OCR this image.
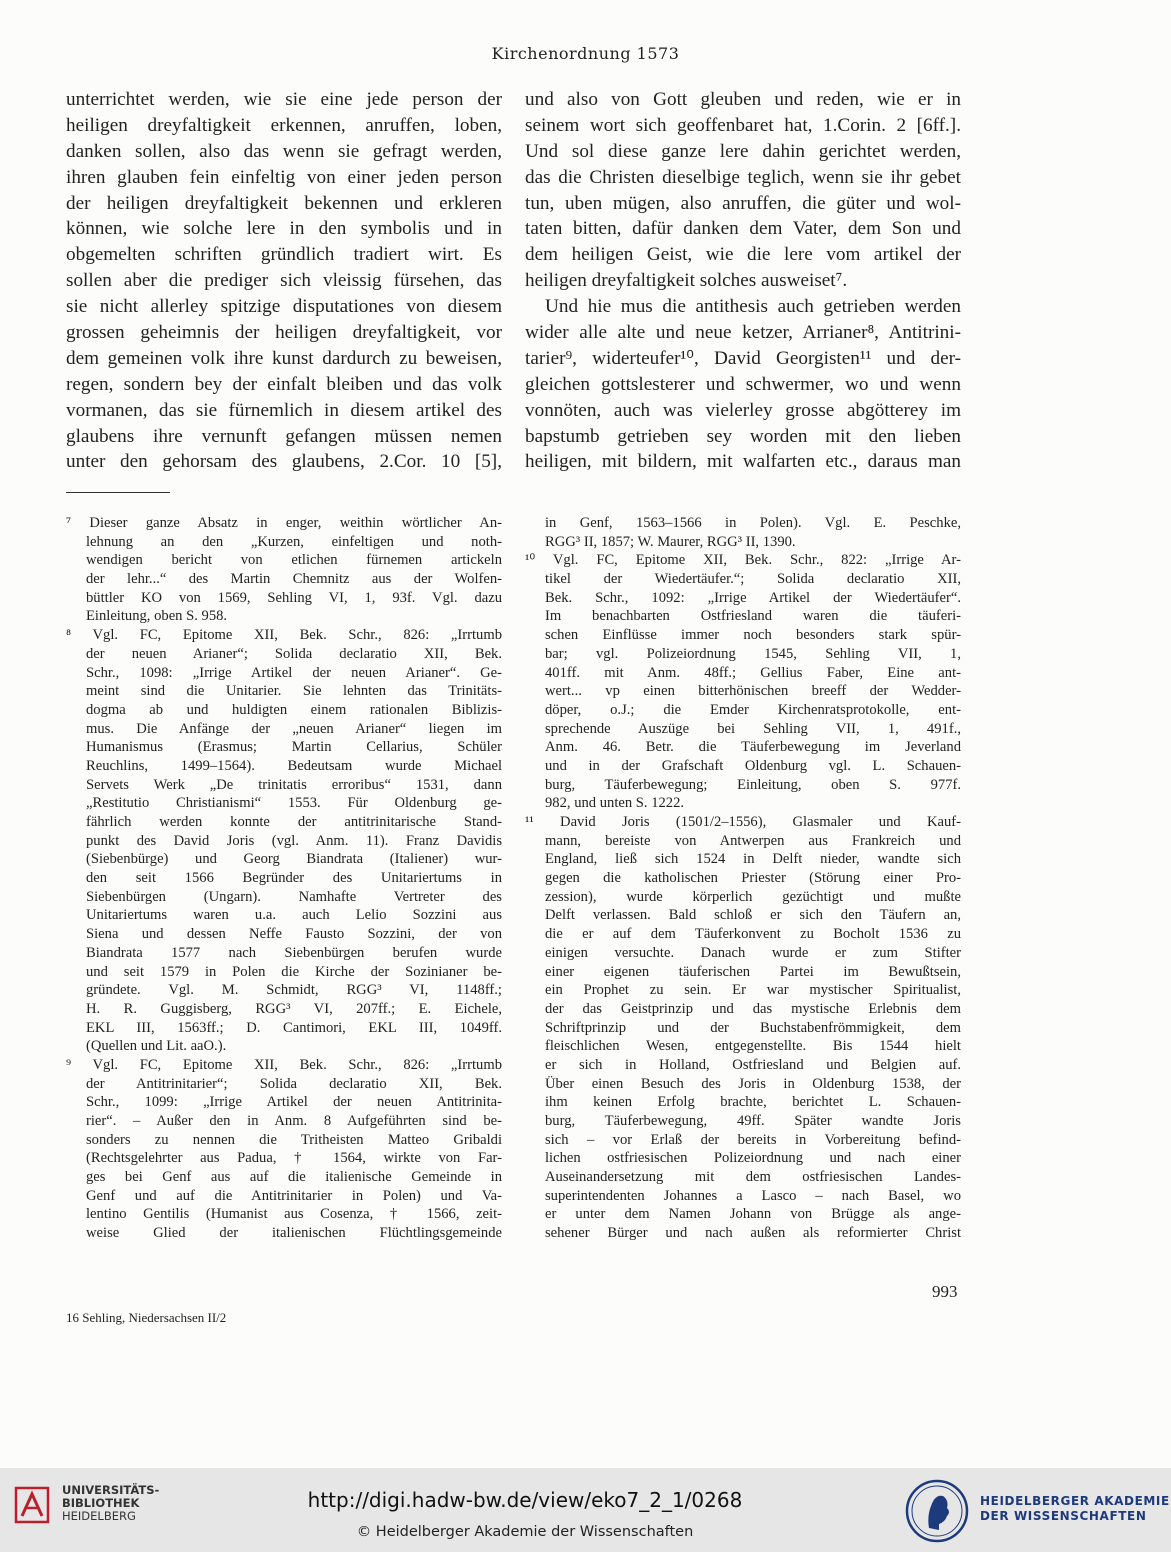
Kirchenordnung 1573
unterrichtet werden, wie sie eine jede person der
heiligen dreyfaltigkeit erkennen, anruffen, loben,
danken sollen, also das wenn sie gefragt werden,
ihren glauben fein einfeltig von einer jeden person
der heiligen dreyfaltigkeit bekennen und erkleren
können, wie solche lere in den symbolis und in
obgemelten schriften gründlich tradiert wirt. Es
sollen aber die prediger sich vleissig fürsehen, das
sie nicht allerley spitzige disputationes von diesem
grossen geheimnis der heiligen dreyfaltigkeit, vor
dem gemeinen volk ihre kunst dardurch zu beweisen,
regen, sondern bey der einfalt bleiben und das volk
vormanen, das sie fürnemlich in diesem artikel des
glaubens ihre vernunft gefangen müssen nemen
unter den gehorsam des glaubens, 2.Cor. 10 [5],
und also von Gott gleuben und reden, wie er in
seinem wort sich geoffenbaret hat, 1.Corin. 2 [6ff.].
Und sol diese ganze lere dahin gerichtet werden,
das die Christen dieselbige teglich, wenn sie ihr gebet
tun, uben mügen, also anruffen, die güter und wol-
taten bitten, dafür danken dem Vater, dem Son und
dem heiligen Geist, wie die lere vom artikel der
heiligen dreyfaltigkeit solches ausweiset⁷.
Und hie mus die antithesis auch getrieben werden
wider alle alte und neue ketzer, Arrianer⁸, Antitrini-
tarier⁹, widerteufer¹⁰, David Georgisten¹¹ und der-
gleichen gottslesterer und schwermer, wo und wenn
vonnöten, auch was vielerley grosse abgötterey im
bapstumb getrieben sey worden mit den lieben
heiligen, mit bildern, mit walfarten etc., daraus man
⁷ Dieser ganze Absatz in enger, weithin wörtlicher An-
lehnung an den „Kurzen, einfeltigen und noth-
wendigen bericht von etlichen fürnemen artickeln
der lehr...“ des Martin Chemnitz aus der Wolfen-
büttler KO von 1569, Sehling VI, 1, 93f. Vgl. dazu
Einleitung, oben S. 958.
⁸ Vgl. FC, Epitome XII, Bek. Schr., 826: „Irrtumb
der neuen Arianer“; Solida declaratio XII, Bek.
Schr., 1098: „Irrige Artikel der neuen Arianer“. Ge-
meint sind die Unitarier. Sie lehnten das Trinitäts-
dogma ab und huldigten einem rationalen Biblizis-
mus. Die Anfänge der „neuen Arianer“ liegen im
Humanismus (Erasmus; Martin Cellarius, Schüler
Reuchlins, 1499–1564). Bedeutsam wurde Michael
Servets Werk „De trinitatis erroribus“ 1531, dann
„Restitutio Christianismi“ 1553. Für Oldenburg ge-
fährlich werden konnte der antitrinitarische Stand-
punkt des David Joris (vgl. Anm. 11). Franz Davidis
(Siebenbürge) und Georg Biandrata (Italiener) wur-
den seit 1566 Begründer des Unitariertums in
Siebenbürgen (Ungarn). Namhafte Vertreter des
Unitariertums waren u.a. auch Lelio Sozzini aus
Siena und dessen Neffe Fausto Sozzini, der von
Biandrata 1577 nach Siebenbürgen berufen wurde
und seit 1579 in Polen die Kirche der Sozinianer be-
gründete. Vgl. M. Schmidt, RGG³ VI, 1148ff.;
H. R. Guggisberg, RGG³ VI, 207ff.; E. Eichele,
EKL III, 1563ff.; D. Cantimori, EKL III, 1049ff.
(Quellen und Lit. aaO.).
⁹ Vgl. FC, Epitome XII, Bek. Schr., 826: „Irrtumb
der Antitrinitarier“; Solida declaratio XII, Bek.
Schr., 1099: „Irrige Artikel der neuen Antitrinita-
rier“. – Außer den in Anm. 8 Aufgeführten sind be-
sonders zu nennen die Tritheisten Matteo Gribaldi
(Rechtsgelehrter aus Padua, † 1564, wirkte von Far-
ges bei Genf aus auf die italienische Gemeinde in
Genf und auf die Antitrinitarier in Polen) und Va-
lentino Gentilis (Humanist aus Cosenza, † 1566, zeit-
weise Glied der italienischen Flüchtlingsgemeinde
in Genf, 1563–1566 in Polen). Vgl. E. Peschke,
RGG³ II, 1857; W. Maurer, RGG³ II, 1390.
¹⁰ Vgl. FC, Epitome XII, Bek. Schr., 822: „Irrige Ar-
tikel der Wiedertäufer.“; Solida declaratio XII,
Bek. Schr., 1092: „Irrige Artikel der Wiedertäufer“.
Im benachbarten Ostfriesland waren die täuferi-
schen Einflüsse immer noch besonders stark spür-
bar; vgl. Polizeiordnung 1545, Sehling VII, 1,
401ff. mit Anm. 48ff.; Gellius Faber, Eine ant-
wert... vp einen bitterhönischen breeff der Wedder-
döper, o.J.; die Emder Kirchenratsprotokolle, ent-
sprechende Auszüge bei Sehling VII, 1, 491f.,
Anm. 46. Betr. die Täuferbewegung im Jeverland
und in der Grafschaft Oldenburg vgl. L. Schauen-
burg, Täuferbewegung; Einleitung, oben S. 977f.
982, und unten S. 1222.
¹¹ David Joris (1501/2–1556), Glasmaler und Kauf-
mann, bereiste von Antwerpen aus Frankreich und
England, ließ sich 1524 in Delft nieder, wandte sich
gegen die katholischen Priester (Störung einer Pro-
zession), wurde körperlich gezüchtigt und mußte
Delft verlassen. Bald schloß er sich den Täufern an,
die er auf dem Täuferkonvent zu Bocholt 1536 zu
einigen versuchte. Danach wurde er zum Stifter
einer eigenen täuferischen Partei im Bewußtsein,
ein Prophet zu sein. Er war mystischer Spiritualist,
der das Geistprinzip und das mystische Erlebnis dem
Schriftprinzip und der Buchstabenfrömmigkeit, dem
fleischlichen Wesen, entgegenstellte. Bis 1544 hielt
er sich in Holland, Ostfriesland und Belgien auf.
Über einen Besuch des Joris in Oldenburg 1538, der
ihm keinen Erfolg brachte, berichtet L. Schauen-
burg, Täuferbewegung, 49ff. Später wandte Joris
sich – vor Erlaß der bereits in Vorbereitung befind-
lichen ostfriesischen Polizeiordnung und nach einer
Auseinandersetzung mit dem ostfriesischen Landes-
superintendenten Johannes a Lasco – nach Basel, wo
er unter dem Namen Johann von Brügge als ange-
sehener Bürger und nach außen als reformierter Christ
993
16 Sehling, Niedersachsen II/2
UNIVERSITÄTS-
BIBLIOTHEK
HEIDELBERG
http://digi.hadw-bw.de/view/eko7_2_1/0268
© Heidelberger Akademie der Wissenschaften
HEIDELBERGER AKADEMIE
DER WISSENSCHAFTEN
